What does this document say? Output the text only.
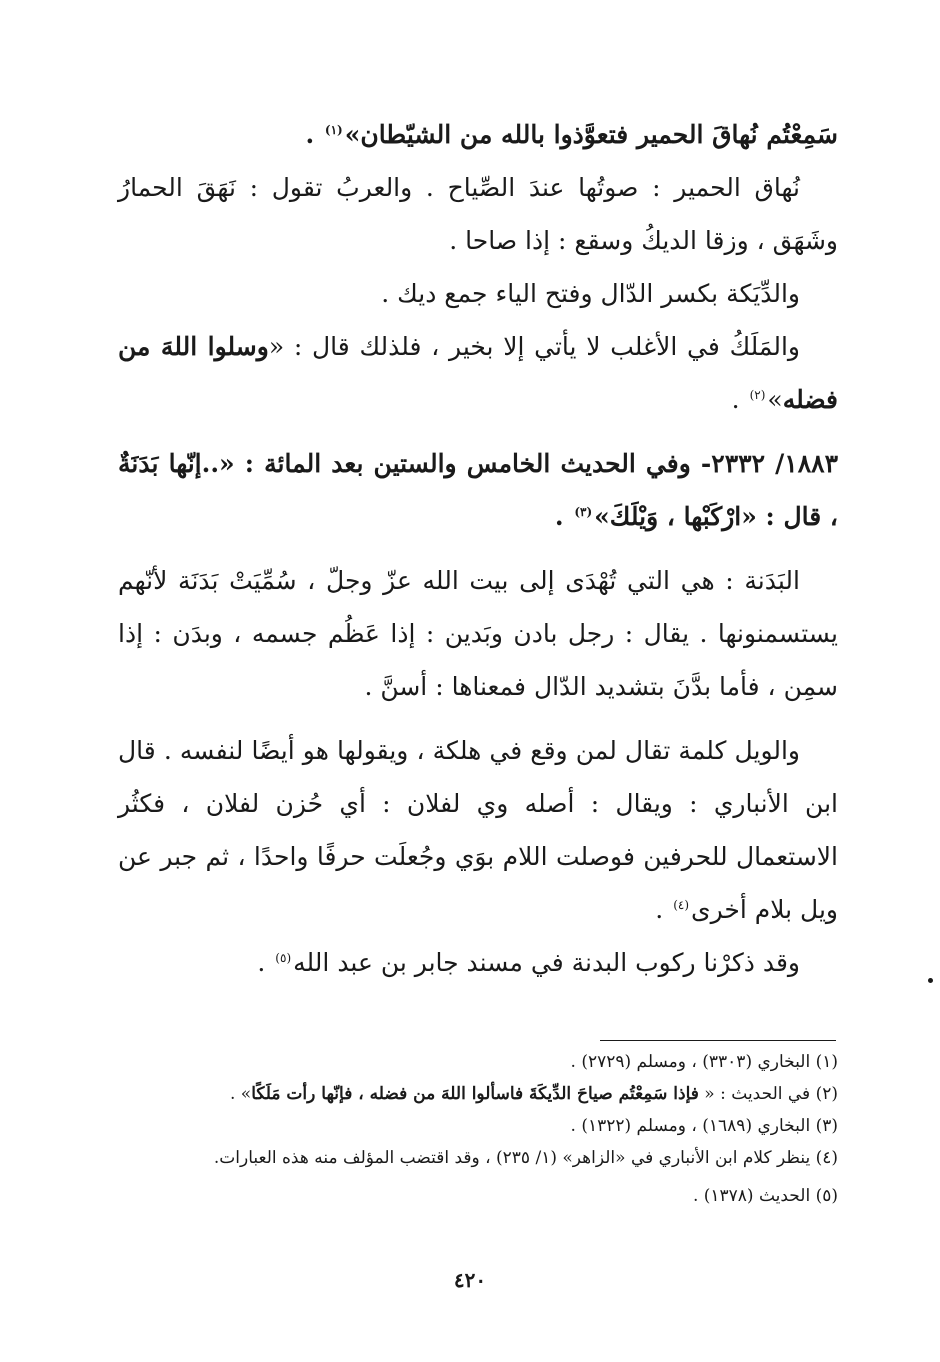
سَمِعْتُم نُهاقَ الحمير فتعوَّذوا بالله من الشيّطان»$^{(١)}$ .

نُهاق الحمير : صوتُها عندَ الصِّياح . والعربُ تقول : نَهَقَ الحمارُ وشَهَق ، وزقا الديكُ وسقع : إذا صاحا .

والدِّيَكة بكسر الدّال وفتح الياء جمع ديك .

والمَلَكُ في الأغلب لا يأتي إلا بخير ، فلذلك قال : «وسلوا اللهَ من فضله»$^{(٢)}$ .

١٨٨٣/ ٢٣٣٢- وفي الحديث الخامس والستين بعد المائة : «..إنّها بَدَنَةٌ ، قال : «ارْكَبْها ، وَيْلَكَ»$^{(٣)}$ .

البَدَنة : هي التي تُهْدَى إلى بيت الله عزّ وجلّ ، سُمِّيَتْ بَدَنَة لأنّهم يستسمنونها . يقال : رجل بادن وبَدين : إذا عَظُم جسمه ، وبدَن : إذا سمِن ، فأما بدَّنَ بتشديد الدّال فمعناها : أسنَّ .

والويل كلمة تقال لمن وقع في هلكة ، ويقولها هو أيضًا لنفسه . قال ابن الأنباري : ويقال : أصله وي لفلان : أي حُزن لفلان ، فكثُر الاستعمال للحرفين فوصلت اللام بوَي وجُعلَت حرفًا واحدًا ، ثم جبر عن ويل بلام أخرى$^{(٤)}$ .

وقد ذكرْنا ركوب البدنة في مسند جابر بن عبد الله$^{(٥)}$ .

(١) البخاري (٣٣٠٣) ، ومسلم (٢٧٢٩) .

(٢) في الحديث : « فإذا سَمِعْتُم صياحَ الدِّيكَةَ فاسألوا اللهَ من فضله ، فإنّها رأت مَلَكًا» .

(٣) البخاري (١٦٨٩) ، ومسلم (١٣٢٢) .

(٤) ينظر كلام ابن الأنباري في «الزاهر» (١/ ٢٣٥) ، وقد اقتضب المؤلف منه هذه العبارات.

(٥) الحديث (١٣٧٨) .

٤٢٠
